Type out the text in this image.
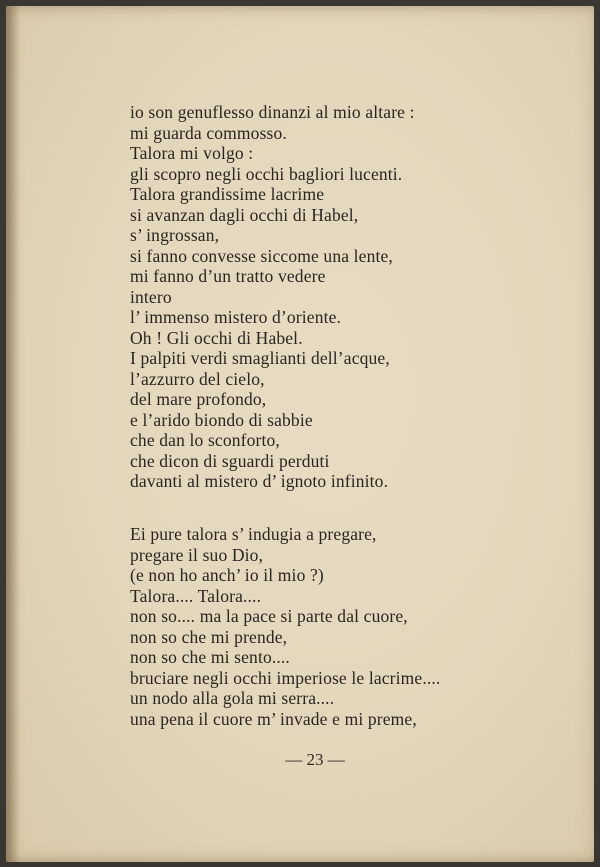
io son genuflesso dinanzi al mio altare :
mi guarda commosso.
Talora mi volgo :
gli scopro negli occhi bagliori lucenti.
Talora grandissime lacrime
si avanzan dagli occhi di Habel,
s’ ingrossan,
si fanno convesse siccome una lente,
mi fanno d’un tratto vedere
intero
l’ immenso mistero d’oriente.
Oh ! Gli occhi di Habel.
I palpiti verdi smaglianti dell’acque,
l’azzurro del cielo,
del mare profondo,
e l’arido biondo di sabbie
che dan lo sconforto,
che dicon di sguardi perduti
davanti al mistero d’ ignoto infinito.
Ei pure talora s’ indugia a pregare,
pregare il suo Dio,
(e non ho anch’ io il mio ?)
Talora.... Talora....
non so.... ma la pace si parte dal cuore,
non so che mi prende,
non so che mi sento....
bruciare negli occhi imperiose le lacrime....
un nodo alla gola mi serra....
una pena il cuore m’ invade e mi preme,
— 23 —
